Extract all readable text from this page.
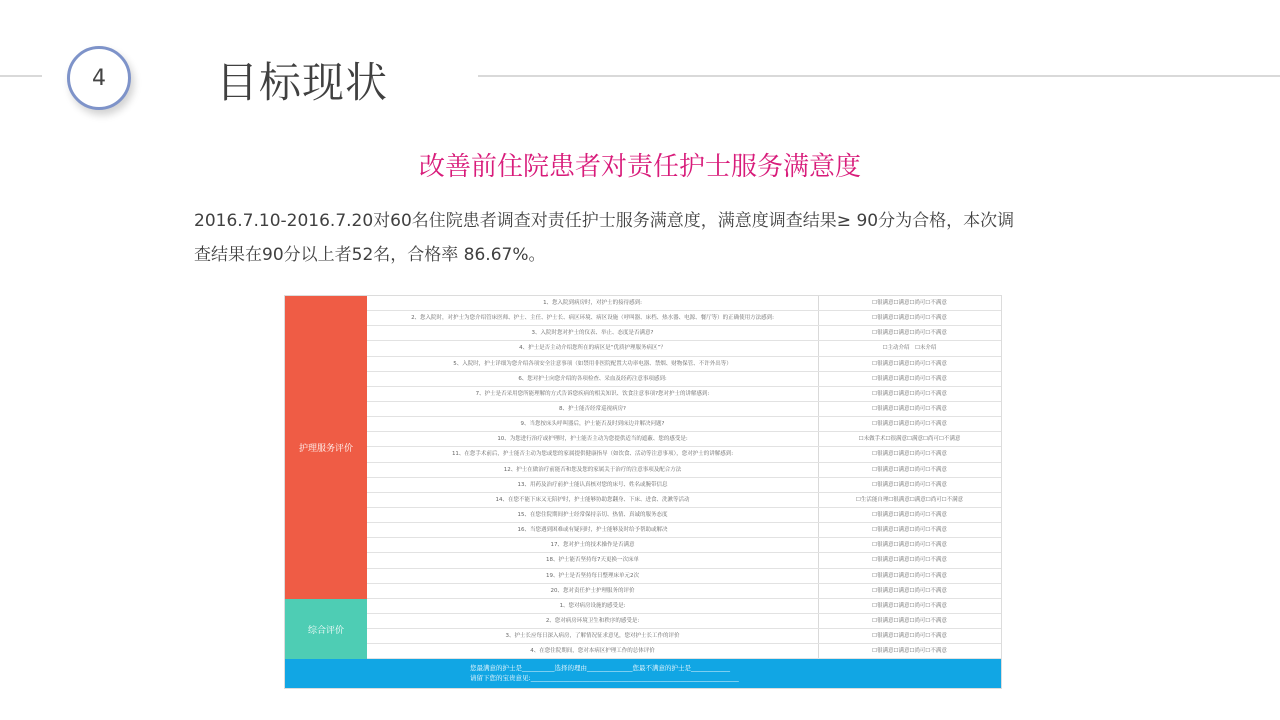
4	目标现状
改善前住院患者对责任护士服务满意度

2016.7.10-2016.7.20对60名住院患者调查对责任护士服务满意度，满意度调查结果≥ 90分为合格，本次调

查结果在90分以上者52名，合格率 86.67%。

护理服务评价
综合评价
1、您入院到病房时，对护士的接待感到:	☐很满意☐满意☐尚可☐不满意
2、您入院时，对护士为您介绍管床医师、护士、主任、护士长、病区环境、病区设施（呼叫器、床档、热水器、电源、餐厅等）的正确使用方法感到:	☐很满意☐满意☐尚可☐不满意
3、入院时您对护士的仪表、举止、态度是否满意?	☐很满意☐满意☐尚可☐不满意
4、护士是否主动介绍您所在的病区是“优质护理服务病区”？	☐主动介绍　☐未介绍
5、入院时，护士详细为您介绍各项安全注意事项（如禁用非医院配置大功率电器、禁烟、财物保管、不许外出等）	☐很满意☐满意☐尚可☐不满意
6、您对护士向您介绍的各项检查、采血及经药注意事项感到:	☐很满意☐满意☐尚可☐不满意
7、护士是否采用您所能理解的方式告诉您疾病的相关知识、饮食注意事项?您对护士的讲解感到:	☐很满意☐满意☐尚可☐不满意
8、护士能否经常巡视病房?	☐很满意☐满意☐尚可☐不满意
9、当您按床头呼叫器后，护士能否及时到床边并解决问题?	☐很满意☐满意☐尚可☐不满意
10、为您进行治疗或护理时，护士能否主动为您提供适当的遮蔽、您的感受是:	☐未做手术☐很满意☐满意☐尚可☐不满意
11、在您手术前后，护士能否主动为您或您的家属提供健康指导（如饮食、活动等注意事项），您对护士的讲解感到:	☐很满意☐满意☐尚可☐不满意
12、护士在做治疗前能否和您及您的家属关于治疗的注意事项及配合方法	☐很满意☐满意☐尚可☐不满意
13、用药及治疗前护士能认真核对您的床号、姓名或腕带信息	☐很满意☐满意☐尚可☐不满意
14、在您不能下床又无陪护时，护士能够协助您翻身、下床、进食、洗漱等活动	☐生活能自理☐很满意☐满意☐尚可☐不满意
15、在您住院期间护士经常保持亲切、热情、真诚的服务态度	☐很满意☐满意☐尚可☐不满意
16、当您遇到困难或有疑问时，护士能够及时给予帮助或解决	☐很满意☐满意☐尚可☐不满意
17、您对护士的技术操作是否满意	☐很满意☐满意☐尚可☐不满意
18、护士能否坚持每7天更换一次床单	☐很满意☐满意☐尚可☐不满意
19、护士是否坚持每日整理床单元2次	☐很满意☐满意☐尚可☐不满意
20、您对责任护士护理服务的评价	☐很满意☐满意☐尚可☐不满意
1、您对病房设施的感受是:	☐很满意☐满意☐尚可☐不满意
2、您对病房环境卫生和秩序的感受是:	☐很满意☐满意☐尚可☐不满意
3、护士长应每日深入病房，了解情况征求意见，您对护士长工作的评价	☐很满意☐满意☐尚可☐不满意
4、在您住院期间，您对本病区护理工作的总体评价	☐很满意☐满意☐尚可☐不满意
您最满意的护士是__________选择的理由______________您最不满意的护士是____________
请留下您的宝贵意见:________________________________________________________________
